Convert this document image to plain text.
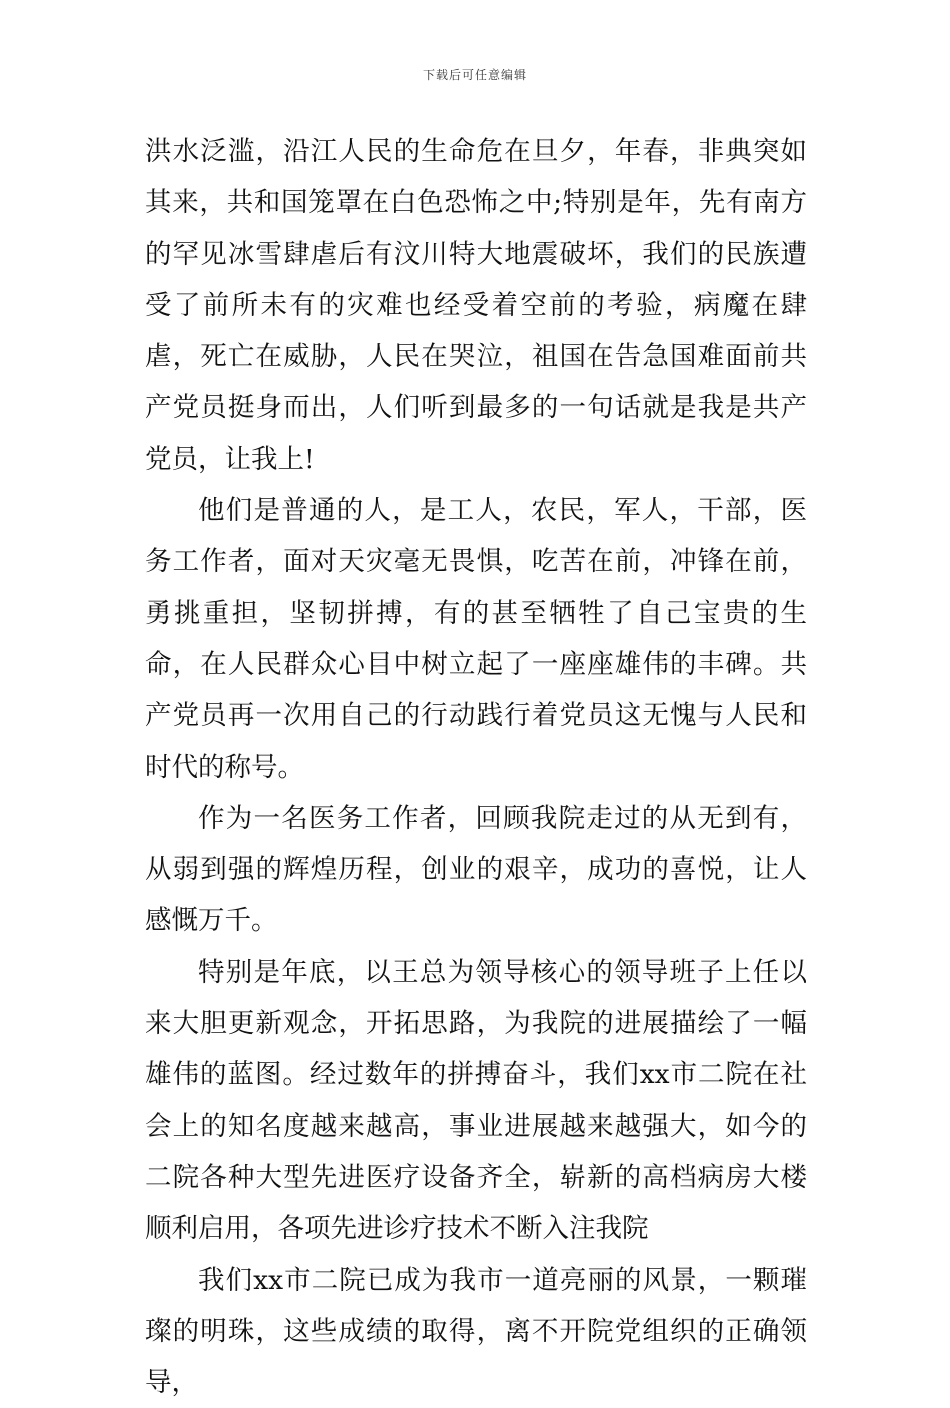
下载后可任意编辑

洪水泛滥，沿江人民的生命危在旦夕，年春，非典突如其来，共和国笼罩在白色恐怖之中;特别是年，先有南方的罕见冰雪肆虐后有汶川特大地震破坏，我们的民族遭受了前所未有的灾难也经受着空前的考验，病魔在肆虐，死亡在威胁，人民在哭泣，祖国在告急国难面前共产党员挺身而出，人们听到最多的一句话就是我是共产党员，让我上!

他们是普通的人，是工人，农民，军人，干部，医务工作者，面对天灾毫无畏惧，吃苦在前，冲锋在前，勇挑重担，坚韧拼搏，有的甚至牺牲了自己宝贵的生命，在人民群众心目中树立起了一座座雄伟的丰碑。共产党员再一次用自己的行动践行着党员这无愧与人民和时代的称号。

作为一名医务工作者，回顾我院走过的从无到有，从弱到强的辉煌历程，创业的艰辛，成功的喜悦，让人感慨万千。

特别是年底，以王总为领导核心的领导班子上任以来大胆更新观念，开拓思路，为我院的进展描绘了一幅雄伟的蓝图。经过数年的拼搏奋斗，我们xx市二院在社会上的知名度越来越高，事业进展越来越强大，如今的二院各种大型先进医疗设备齐全，崭新的高档病房大楼顺利启用，各项先进诊疗技术不断入注我院

我们xx市二院已成为我市一道亮丽的风景，一颗璀璨的明珠，这些成绩的取得，离不开院党组织的正确领导，
